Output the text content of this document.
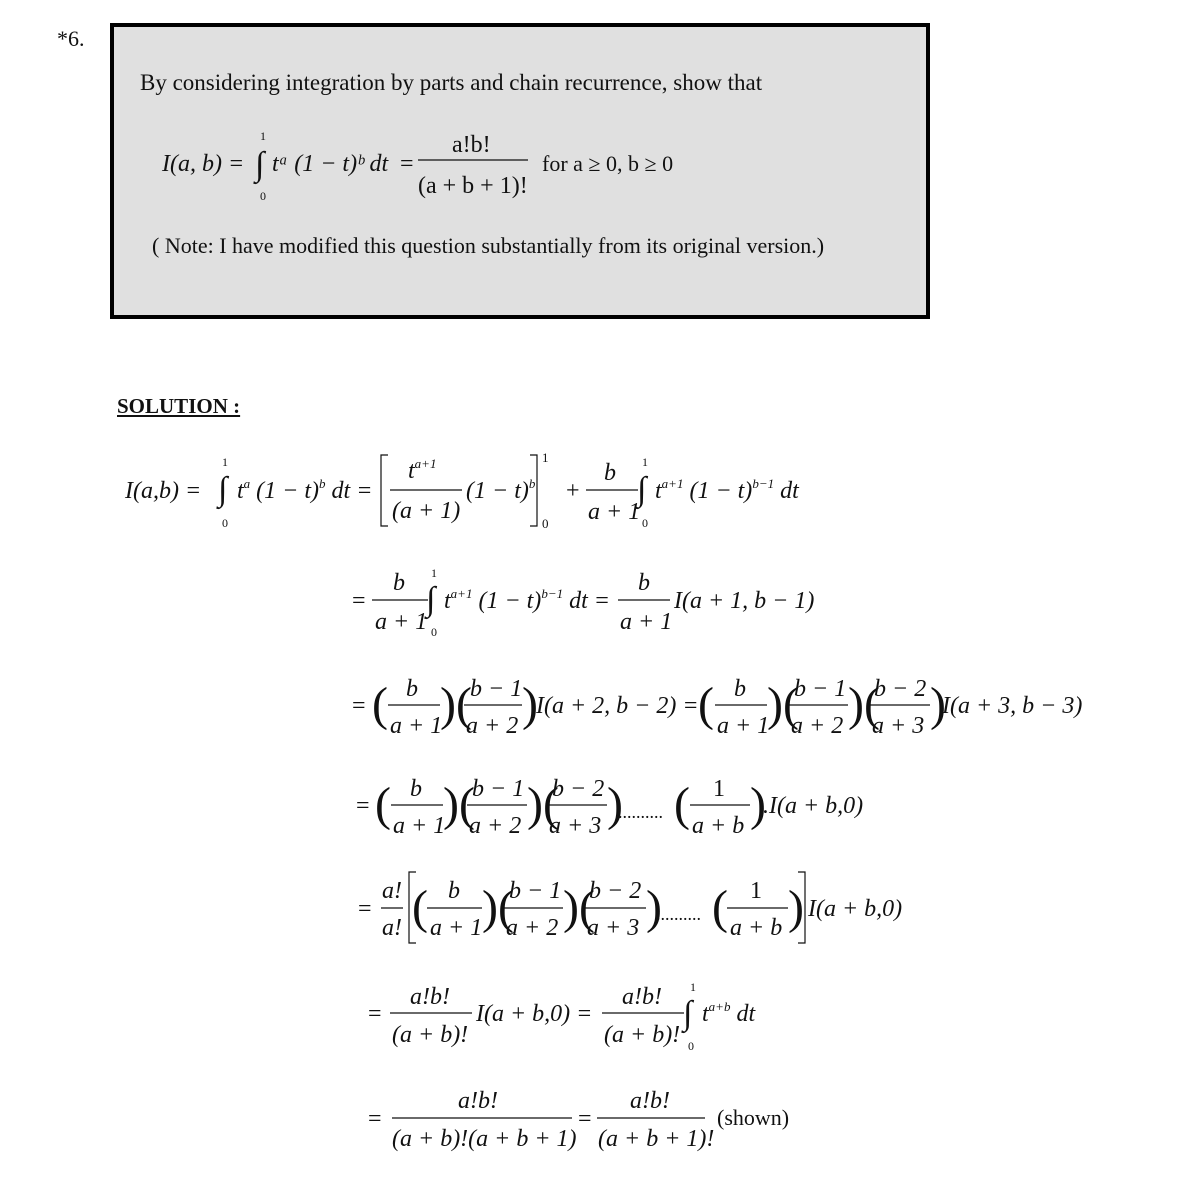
*6.
By considering integration by parts and chain recurrence, show that
( Note: I have modified this question substantially from its original version.)
SOLUTION :
(shown)
I(a, b) = ∫
1
0
tᵃ (1 − t)ᵇ dt =
a!b!
(a + b + 1)!
for a ≥ 0, b ≥ 0
I(a,b) = ∫
1
0
$t^a$ $(1 - t)^b$ dt =
$t^{a+1}$
(a + 1)
$(1 - t)^b$
1
0
+
b
a + 1
∫
1
0
$t^{a+1}$ $(1 - t)^{b-1}$ dt
=
b
a + 1
∫
1
0
$t^{a+1}$ $(1 - t)^{b-1}$ dt =
b
a + 1
I(a + 1, b − 1)
= ( b
a + 1
)(
b − 1
a + 2 )
I(a + 2, b − 2) = ( b
a + 1
)(
b − 1
a + 2 )(
b − 2
a + 3 )
I(a + 3, b − 3)
= ( b
a + 1
)(
b − 1
a + 2 )(
b − 2
a + 3 )
.......... ( 1
a + b )
.I(a + b,0)
=
a!
a! ( b
a + 1 )(
b − 1
a + 2 )(
b − 2
a + 3 )
.......... ( 1
a + b ) I(a + b,0)
=
a!b!
(a + b)!
I(a + b,0) =
a!b!
(a + b)!
∫
1
0
$t^{a+b}$ dt
=
a!b!
(a + b)!(a + b + 1)
=
a!b!
(a + b + 1)!
